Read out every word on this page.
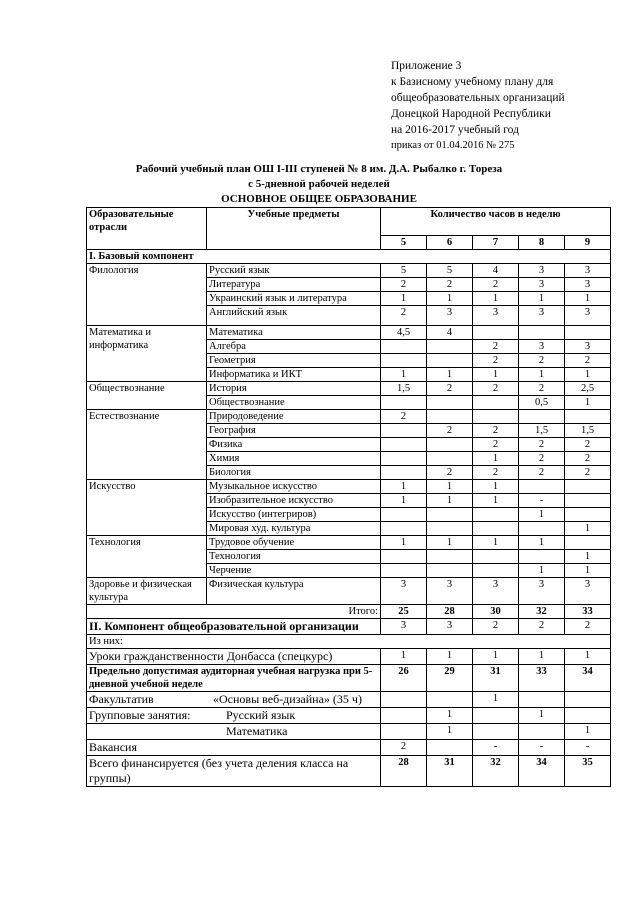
Приложение 3
к Базисному учебному плану для
общеобразовательных организаций
Донецкой Народной Республики
на 2016-2017 учебный год
приказ от 01.04.2016 № 275
Рабочий учебный план ОШ I-III ступеней № 8 им. Д.А. Рыбалко г. Тореза
с 5-дневной рабочей неделей
ОСНОВНОЕ ОБЩЕЕ ОБРАЗОВАНИЕ
Образовательные отрасли	Учебные предметы	Количество часов в неделю				
		5	6	7	8	9
I. Базовый компонент						
Филология	Русский язык	5	5	4	3	3
	Литература	2	2	2	3	3
	Украинский язык и литература	1	1	1	1	1
	Английский язык	2	3	3	3	3
Математика и информатика	Математика	4,5	4			
	Алгебра			2	3	3
	Геометрия			2	2	2
	Информатика и ИКТ	1	1	1	1	1
Обществознание	История	1,5	2	2	2	2,5
	Обществознание				0,5	1
Естествознание	Природоведение	2				
	География		2	2	1,5	1,5
	Физика			2	2	2
	Химия			1	2	2
	Биология		2	2	2	2
Искусство	Музыкальное искусство	1	1	1		
	Изобразительное искусство	1	1	1	-	
	Искусство (интегриров)				1	
	Мировая худ. культура					1
Технология	Трудовое обучение	1	1	1	1	
	Технология					1
	Черчение				1	1
Здоровье и физическая культура	Физическая культура	3	3	3	3	3
Итого:		25	28	30	32	33
II. Компонент общеобразовательной организации		3	3	2	2	2
Из них:						
Уроки гражданственности Донбасса (спецкурс)		1	1	1	1	1
Предельно допустимая аудиторная учебная нагрузка при 5-дневной учебной неделе		26	29	31	33	34
Факультатив «Основы веб-дизайна» (35 ч)				1		
Групповые занятия: Русский язык			1		1	
Математика			1			1
Вакансия		2		-	-	-
Всего финансируется (без учета деления класса на группы)		28	31	32	34	35
